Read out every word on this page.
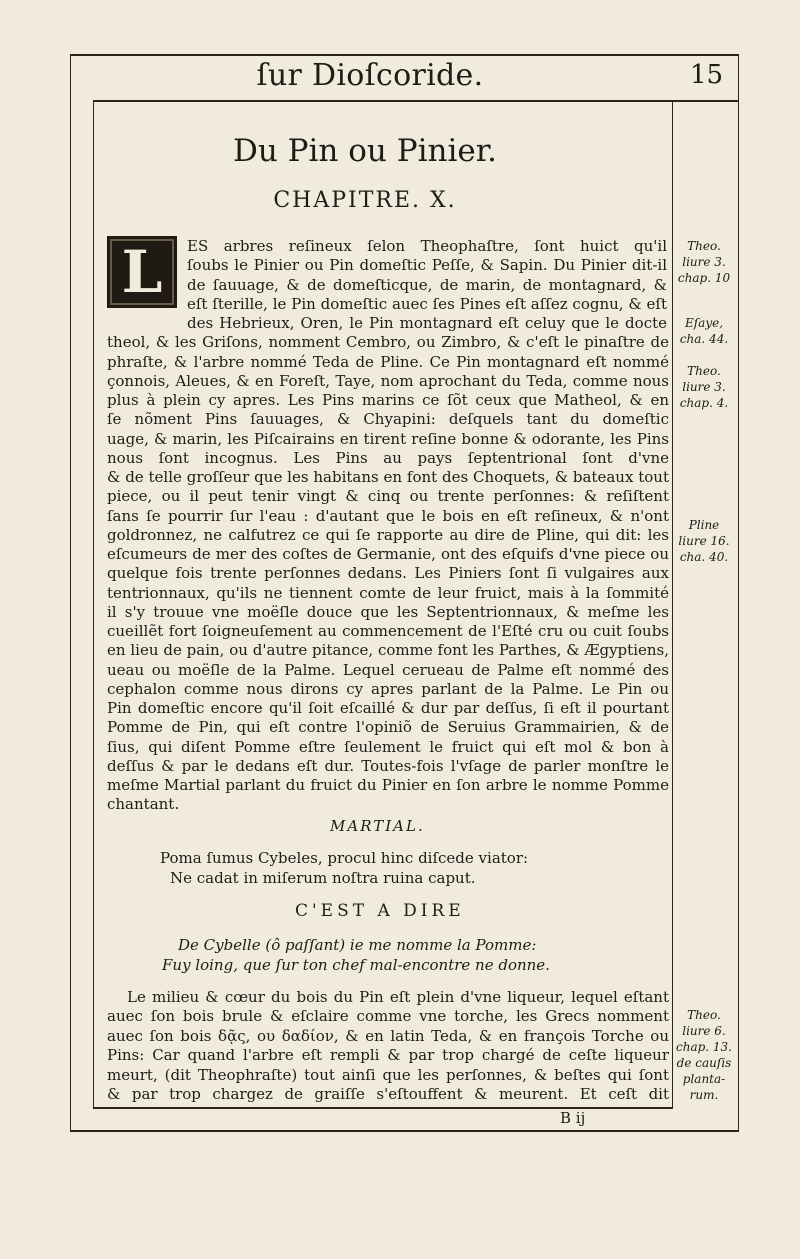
ſur Dioſcoride.	15
Du Pin ou Pinier.
CHAPITRE. X.
L	ES arbres reſineux ſelon Theophaſtre, ſont huict qu'il
ſoubs le Pinier ou Pin domeſtic Peſſe, & Sapin. Du Pinier dit-il
de ſauuage, & de domeſticque, de marin, de montagnard, &
eſt ſterille, le Pin domeſtic auec ſes Pines eſt aſſez cognu, & eſt
des Hebrieux, Oren, le Pin montagnard eſt celuy que le docte
theol, & les Griſons, nomment Cembro, ou Zimbro, & c'eſt le pinaſtre de
phraſte, & l'arbre nommé Teda de Pline. Ce Pin montagnard eſt nommé
çonnois, Aleues, & en Foreſt, Taye, nom aprochant du Teda, comme nous
plus à plein cy apres. Les Pins marins ce ſõt ceux que Matheol, & en
ſe nõment Pins ſauuages, & Chyapini: deſquels tant du domeſtic
uage, & marin, les Piſcairains en tirent reſine bonne & odorante, les Pins
nous ſont incognus. Les Pins au pays ſeptentrional ſont d'vne
& de telle groſſeur que les habitans en font des Choquets, & bateaux tout
piece, ou il peut tenir vingt & cinq ou trente perſonnes: & reſiſtent
ſans ſe pourrir ſur l'eau : d'autant que le bois en eſt reſineux, & n'ont
goldronnez, ne calfutrez ce qui ſe rapporte au dire de Pline, qui dit: les
eſcumeurs de mer des coſtes de Germanie, ont des eſquifs d'vne piece ou
quelque fois trente perſonnes dedans. Les Piniers ſont ſi vulgaires aux
tentrionnaux, qu'ils ne tiennent comte de leur fruict, mais à la ſommité
il s'y trouue vne moëſle douce que les Septentrionnaux, & meſme les
cueillẽt fort ſoigneuſement au commencement de l'Eſté cru ou cuit ſoubs
en lieu de pain, ou d'autre pitance, comme font les Parthes, & Ægyptiens,
ueau ou moëſle de la Palme. Lequel cerueau de Palme eſt nommé des
cephalon comme nous dirons cy apres parlant de la Palme. Le Pin ou
Pin domeſtic encore qu'il ſoit eſcaillé & dur par deſſus, ſi eſt il pourtant
Pomme de Pin, qui eſt contre l'opiniõ de Seruius Grammairien, & de
ſius, qui diſent Pomme eſtre ſeulement le fruict qui eſt mol & bon à
deſſus & par le dedans eſt dur. Toutes-fois l'vſage de parler monſtre le
meſme Martial parlant du fruict du Pinier en ſon arbre le nomme Pomme
chantant.
MARTIAL.
Poma ſumus Cybeles, procul hinc diſcede viator:
Ne cadat in miſerum noſtra ruina caput.
C'EST A DIRE
De Cybelle (ô paſſant) ie me nomme la Pomme:
Fuy loing, que ſur ton chef mal-encontre ne donne.
Le milieu & cœur du bois du Pin eſt plein d'vne liqueur, lequel eſtant
auec ſon bois brule & eſclaire comme vne torche, les Grecs nomment
auec ſon bois δᾷς, ου δαδίον, & en latin Teda, & en françois Torche ou
Pins: Car quand l'arbre eſt rempli & par trop chargé de ceſte liqueur
meurt, (dit Theophraſte) tout ainſi que les perſonnes, & beſtes qui ſont
& par trop chargez de graiſſe s'eſtouffent & meurent. Et ceſt dit
B ij
Theo.
liure 3.
chap. 10
Eſaye,
cha. 44.
Theo.
liure 3.
chap. 4.
Pline
liure 16.
cha. 40.
Theo.
liure 6.
chap. 13.
de cauſis
planta-
rum.
